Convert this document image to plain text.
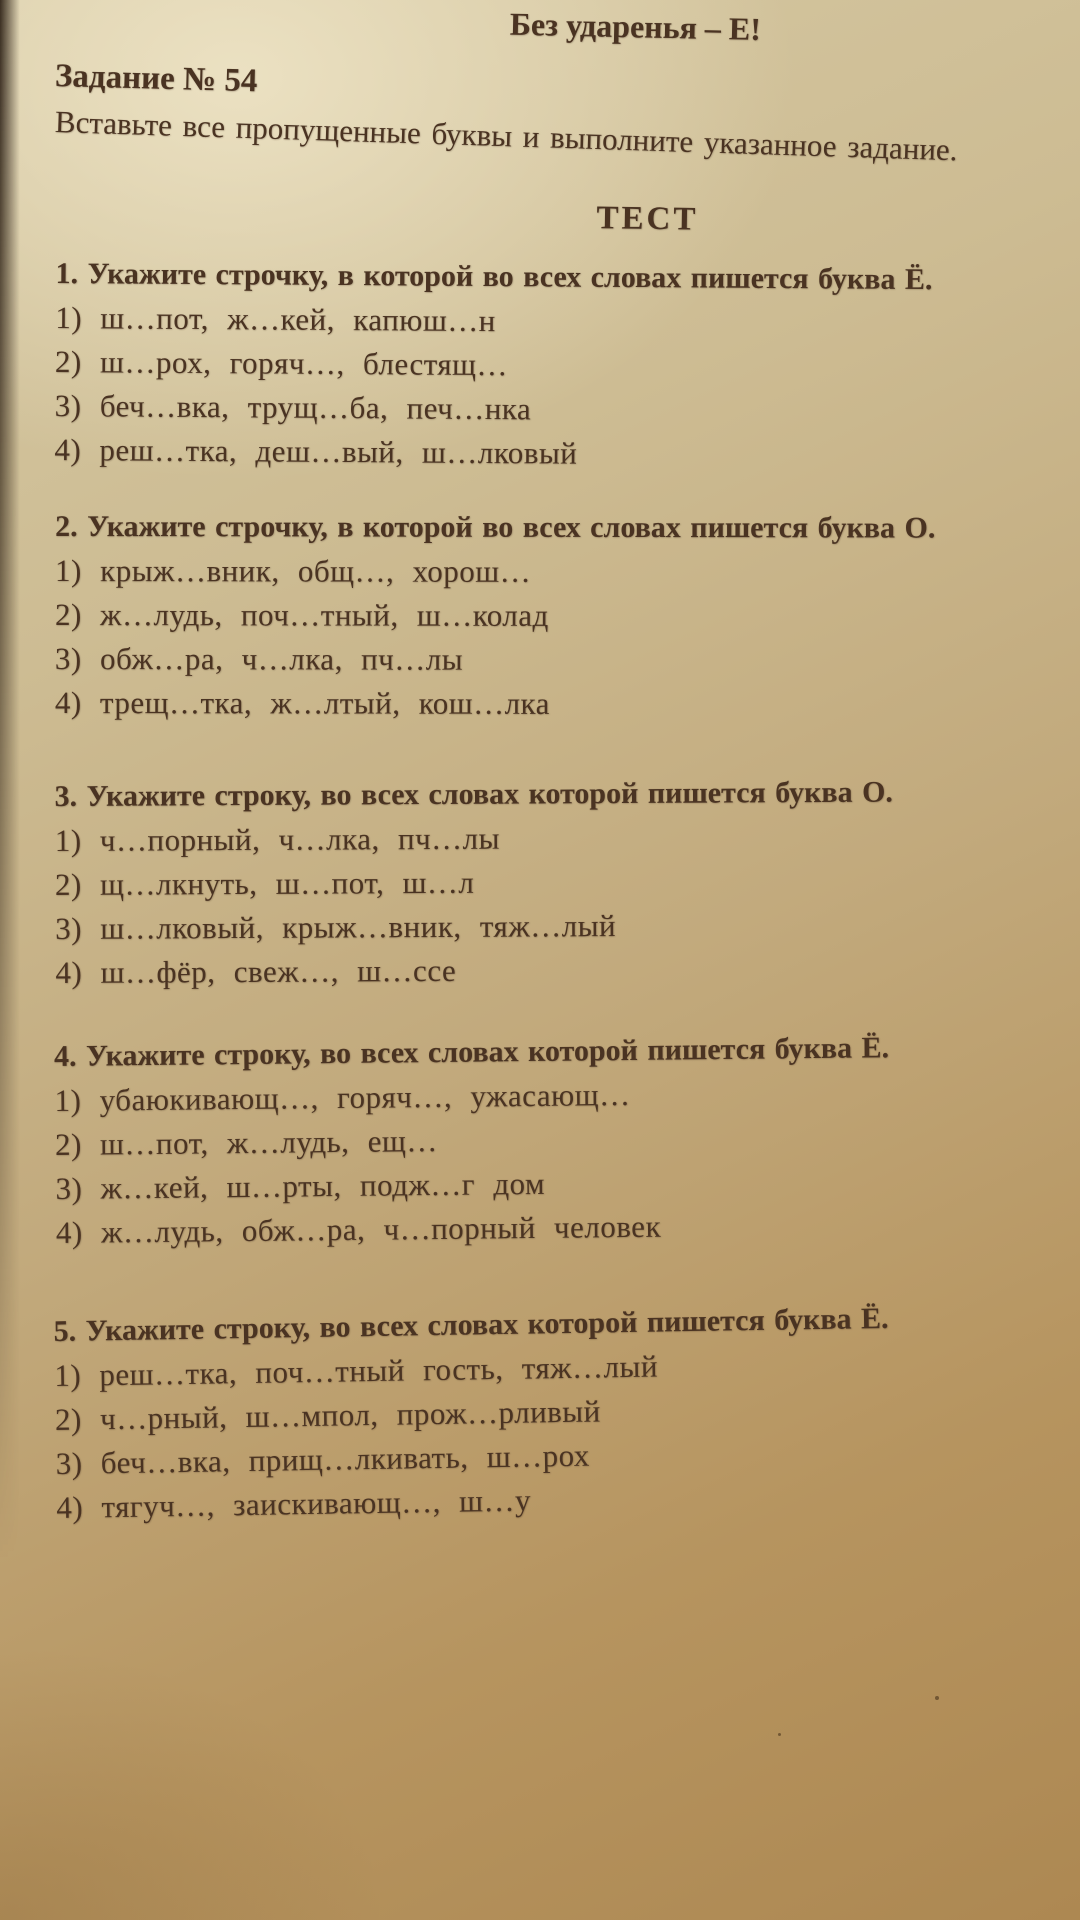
Без ударенья – Е!
Задание № 54
Вставьте все пропущенные буквы и выполните указанное задание.
ТЕСТ
1. Укажите строчку, в которой во всех словах пишется буква Ё.
1) ш…пот, ж…кей, капюш…н
2) ш…рох, горяч…, блестящ…
3) беч…вка, трущ…ба, печ…нка
4) реш…тка, деш…вый, ш…лковый
2. Укажите строчку, в которой во всех словах пишется буква О.
1) крыж…вник, общ…, хорош…
2) ж…лудь, поч…тный, ш…колад
3) обж…ра, ч…лка, пч…лы
4) трещ…тка, ж…лтый, кош…лка
3. Укажите строку, во всех словах которой пишется буква О.
1) ч…порный, ч…лка, пч…лы
2) щ…лкнуть, ш…пот, ш…л
3) ш…лковый, крыж…вник, тяж…лый
4) ш…фёр, свеж…, ш…ссе
4. Укажите строку, во всех словах которой пишется буква Ё.
1) убаюкивающ…, горяч…, ужасающ…
2) ш…пот, ж…лудь, ещ…
3) ж…кей, ш…рты, подж…г дом
4) ж…лудь, обж…ра, ч…порный человек
5. Укажите строку, во всех словах которой пишется буква Ё.
1) реш…тка, поч…тный гость, тяж…лый
2) ч…рный, ш…мпол, прож…рливый
3) беч…вка, прищ…лкивать, ш…рох
4) тягуч…, заискивающ…, ш…у
